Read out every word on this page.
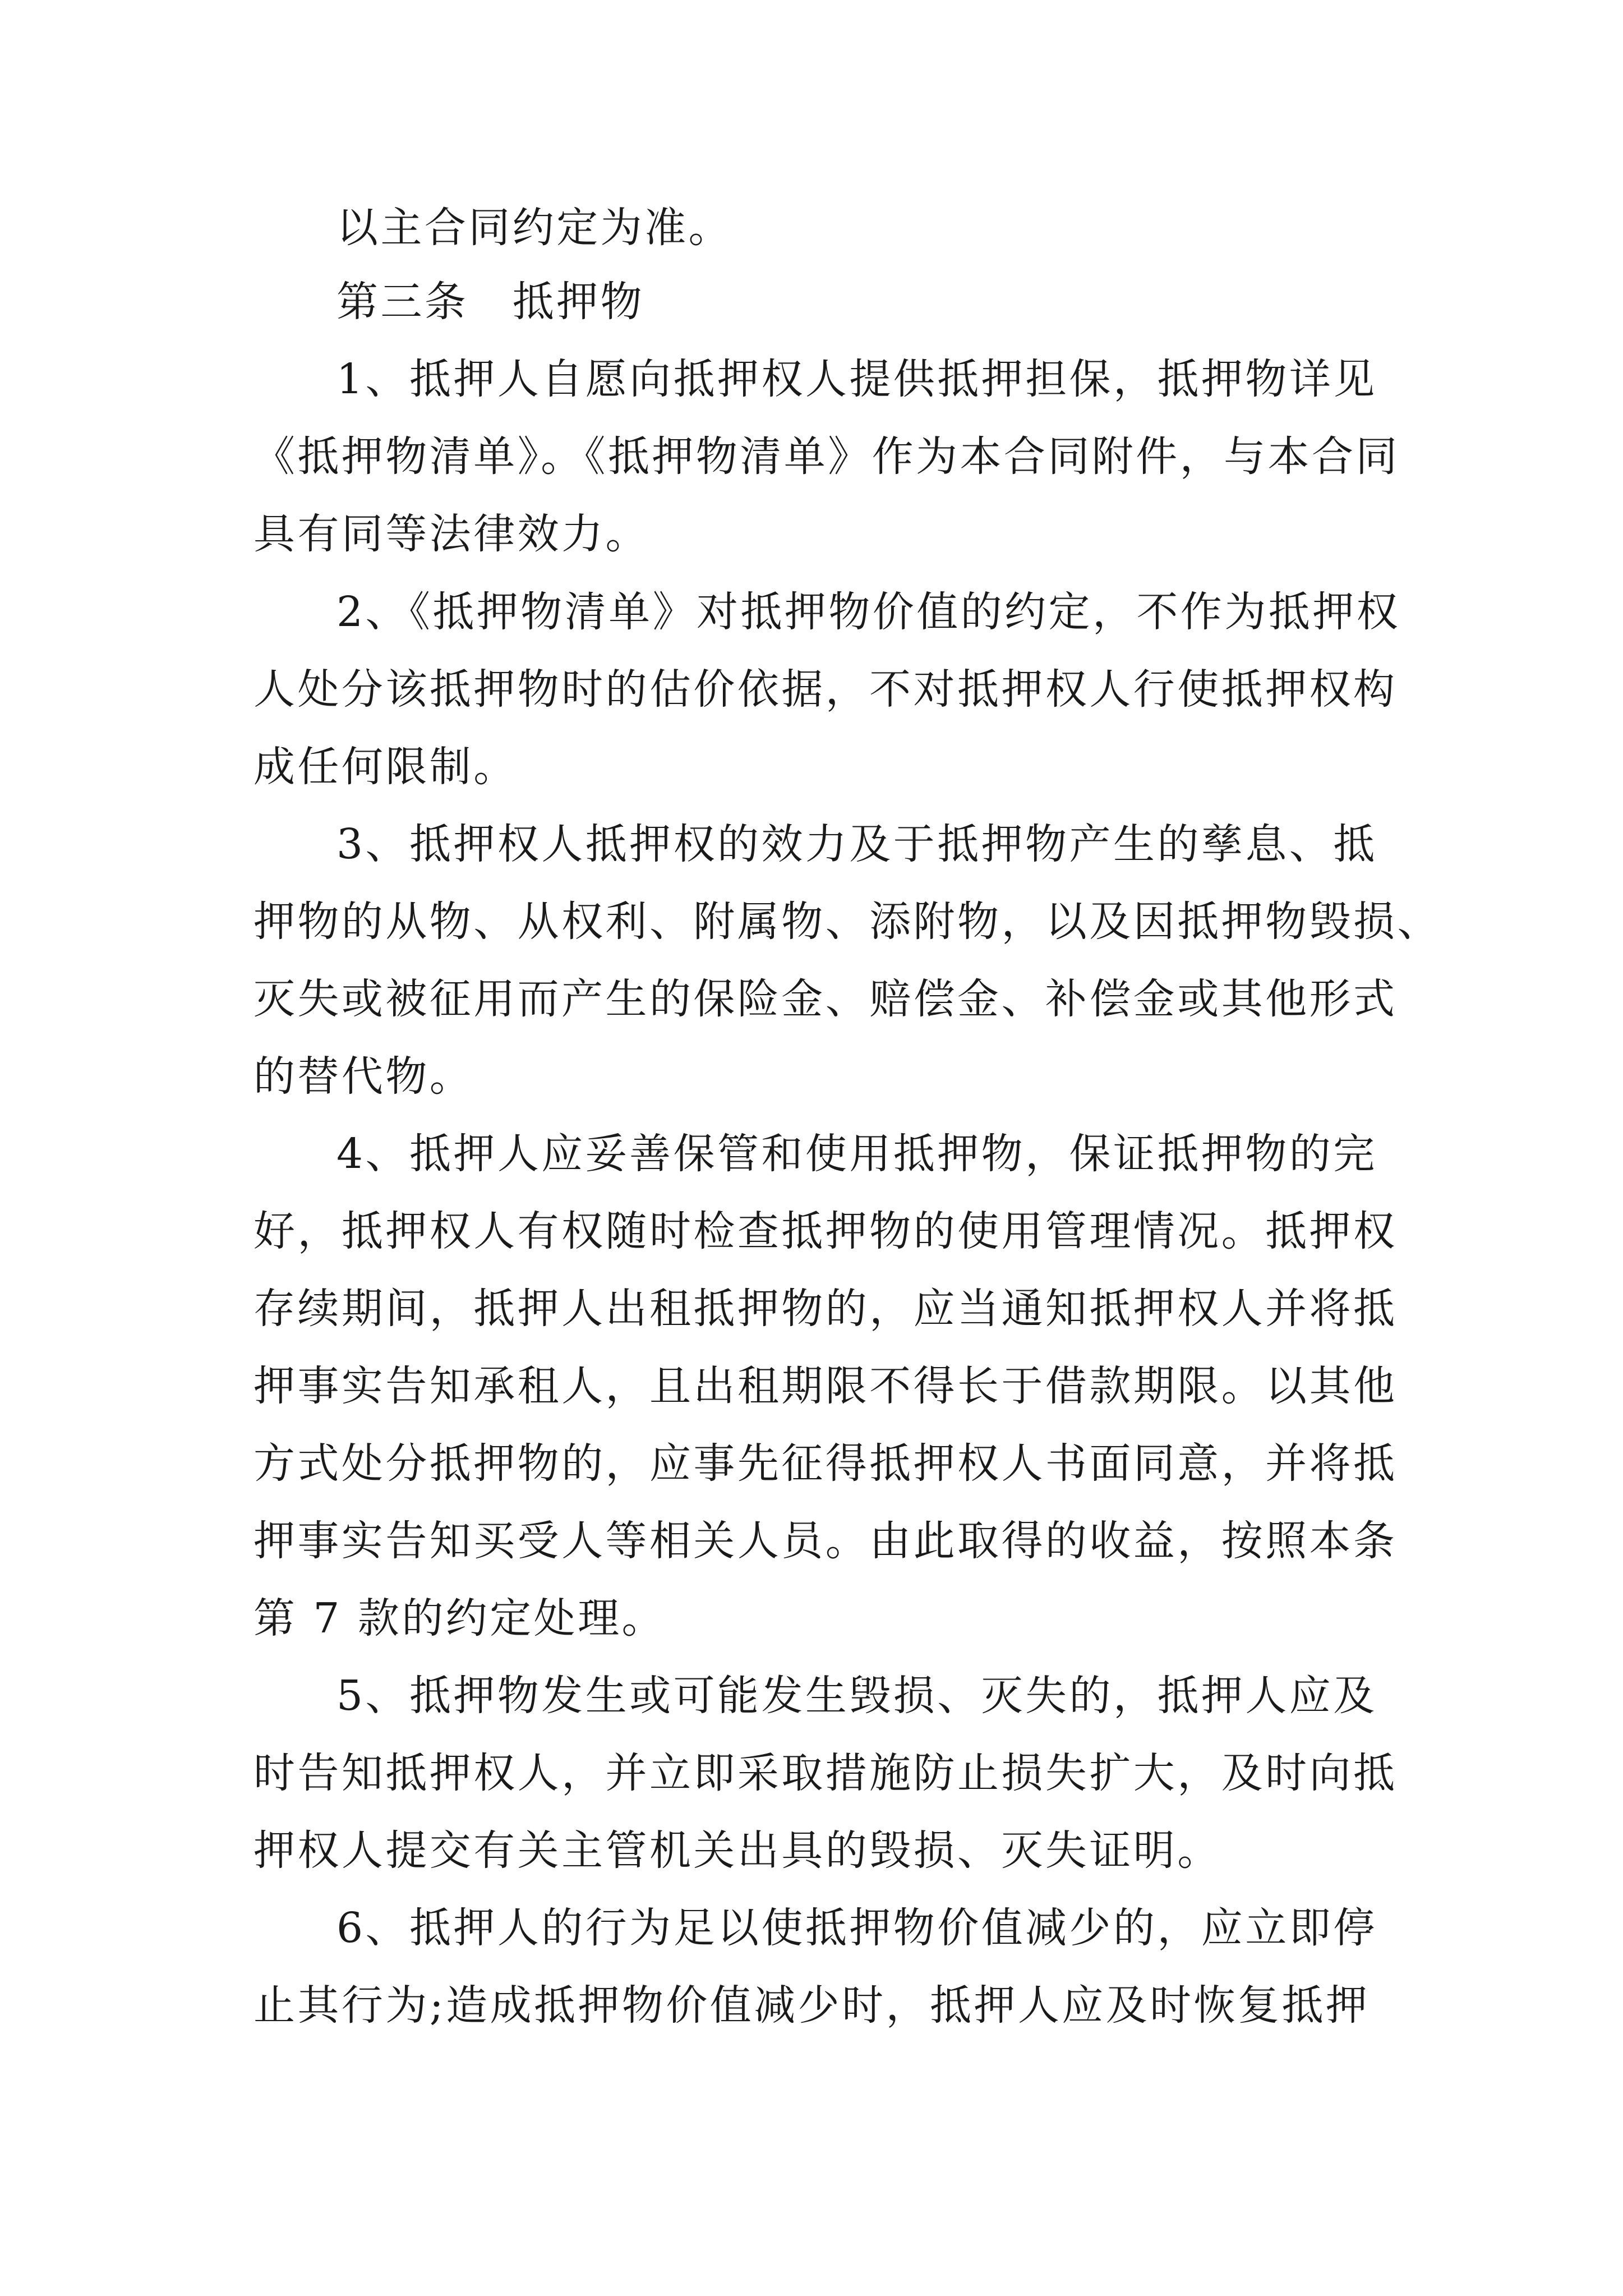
以主合同约定为准。
第三条　抵押物
1、抵押人自愿向抵押权人提供抵押担保，抵押物详见
《抵押物清单》。《抵押物清单》作为本合同附件，与本合同
具有同等法律效力。
2、《抵押物清单》对抵押物价值的约定，不作为抵押权
人处分该抵押物时的估价依据，不对抵押权人行使抵押权构
成任何限制。
3、抵押权人抵押权的效力及于抵押物产生的孳息、抵
押物的从物、从权利、附属物、添附物，以及因抵押物毁损、
灭失或被征用而产生的保险金、赔偿金、补偿金或其他形式
的替代物。
4、抵押人应妥善保管和使用抵押物，保证抵押物的完
好，抵押权人有权随时检查抵押物的使用管理情况。抵押权
存续期间，抵押人出租抵押物的，应当通知抵押权人并将抵
押事实告知承租人，且出租期限不得长于借款期限。以其他
方式处分抵押物的，应事先征得抵押权人书面同意，并将抵
押事实告知买受人等相关人员。由此取得的收益，按照本条
第 7 款的约定处理。
5、抵押物发生或可能发生毁损、灭失的，抵押人应及
时告知抵押权人，并立即采取措施防止损失扩大，及时向抵
押权人提交有关主管机关出具的毁损、灭失证明。
6、抵押人的行为足以使抵押物价值减少的，应立即停
止其行为;造成抵押物价值减少时，抵押人应及时恢复抵押
